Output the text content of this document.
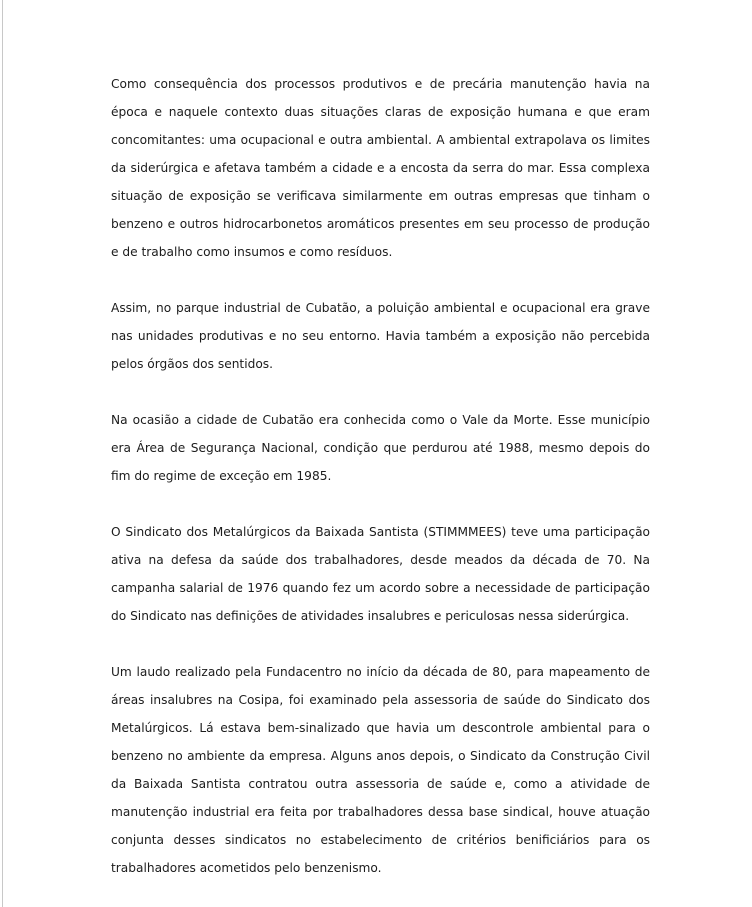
Como consequência dos processos produtivos e de precária manutenção havia na época e naquele contexto duas situações claras de exposição humana e que eram concomitantes: uma ocupacional e outra ambiental. A ambiental extrapolava os limites da siderúrgica e afetava também a cidade e a encosta da serra do mar. Essa complexa situação de exposição se verificava similarmente em outras empresas que tinham o benzeno e outros hidrocarbonetos aromáticos presentes em seu processo de produção e de trabalho como insumos e como resíduos.

Assim, no parque industrial de Cubatão, a poluição ambiental e ocupacional era grave nas unidades produtivas e no seu entorno. Havia também a exposição não percebida pelos órgãos dos sentidos.

Na ocasião a cidade de Cubatão era conhecida como o Vale da Morte. Esse município era Área de Segurança Nacional, condição que perdurou até 1988, mesmo depois do fim do regime de exceção em 1985.

O Sindicato dos Metalúrgicos da Baixada Santista (STIMMMEES) teve uma participação ativa na defesa da saúde dos trabalhadores, desde meados da década de 70. Na campanha salarial de 1976 quando fez um acordo sobre a necessidade de participação do Sindicato nas definições de atividades insalubres e periculosas nessa siderúrgica.

Um laudo realizado pela Fundacentro no início da década de 80, para mapeamento de áreas insalubres na Cosipa, foi examinado pela assessoria de saúde do Sindicato dos Metalúrgicos. Lá estava bem-sinalizado que havia um descontrole ambiental para o benzeno no ambiente da empresa. Alguns anos depois, o Sindicato da Construção Civil da Baixada Santista contratou outra assessoria de saúde e, como a atividade de manutenção industrial era feita por trabalhadores dessa base sindical, houve atuação conjunta desses sindicatos no estabelecimento de critérios benificiários para os trabalhadores acometidos pelo benzenismo.
